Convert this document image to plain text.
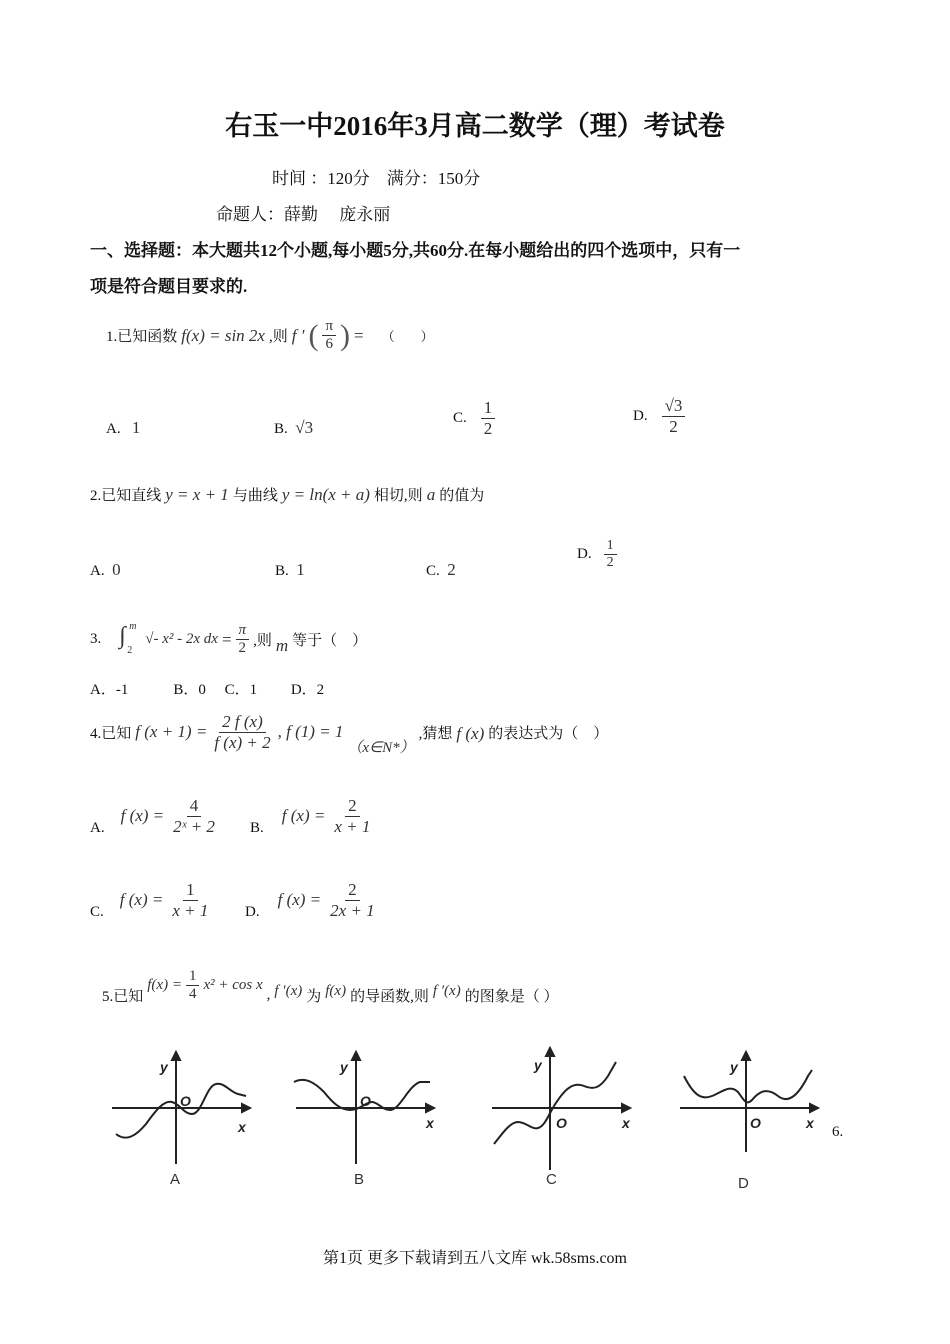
右玉一中2016年3月高二数学（理）考试卷
时间 ：120分　满分：150分
命题人：薛勤　 庞永丽
一、选择题：本大题共12个小题,每小题5分,共60分.在每小题给出的四个选项中，只有一
项是符合题目要求的.
1.已知函数 f(x) = sin 2x ,则 f ′ ( $\frac{\pi}{6}$ ) = （　　）
A. 1	B. √3
C. $\frac{1}{2}$	D. $\frac{√3}{2}$
2.已知直线 y = x + 1 与曲线 y = ln(x + a) 相切,则 a 的值为
A. 0	B. 1	C. 2
D. $\frac{1}{2}$
3. ∫ m
2
√- x² - 2x dx = $\frac{\pi}{2}$ ,则 m 等于（　）
A．-1　　　B．0　 C．1　　 D．2
4.已知 f $(x + 1) = \frac{2 f (x)}{f (x) + 2}$ , f (1) = 1
（x∈N*）
,猜想 f (x) 的表达式为（　）
A.
f $(x) = \frac{4}{\text{2ˣ + 2}} B$.
f $(x) = \frac{2}{x + 1}$
C.
f $(x) = \frac{1}{x + 1} D$.
f $(x) = \frac{2}{2x + 1}$
5.已知
$f(x) = \frac{1}{4} x^2 + \cos x$
, f ′(x) 为 f(x) 的导函数,则 f ′(x) 的图象是（ ）
y
O
x
y
O
x
y
O	x
y
O	x
A	B	C	D
6.
第1页 更多下载请到五八文库 wk.58sms.com
